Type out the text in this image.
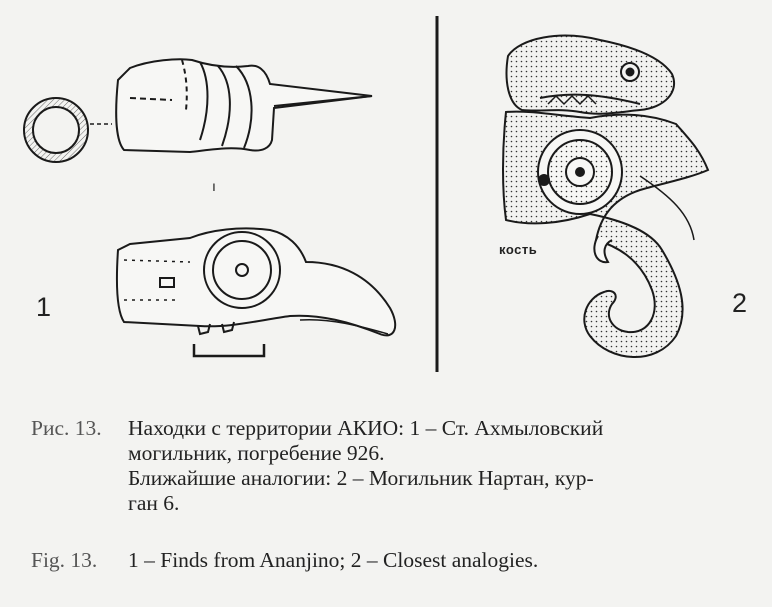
ı
1	2
кость
Рис. 13. Находки с территории АКИО: 1 – Ст. Ахмыловский
могильник, погребение 926.
Ближайшие аналогии: 2 – Могильник Нартан, кур-
ган 6.
Fig. 13. 1 – Finds from Ananjino; 2 – Closest analogies.
